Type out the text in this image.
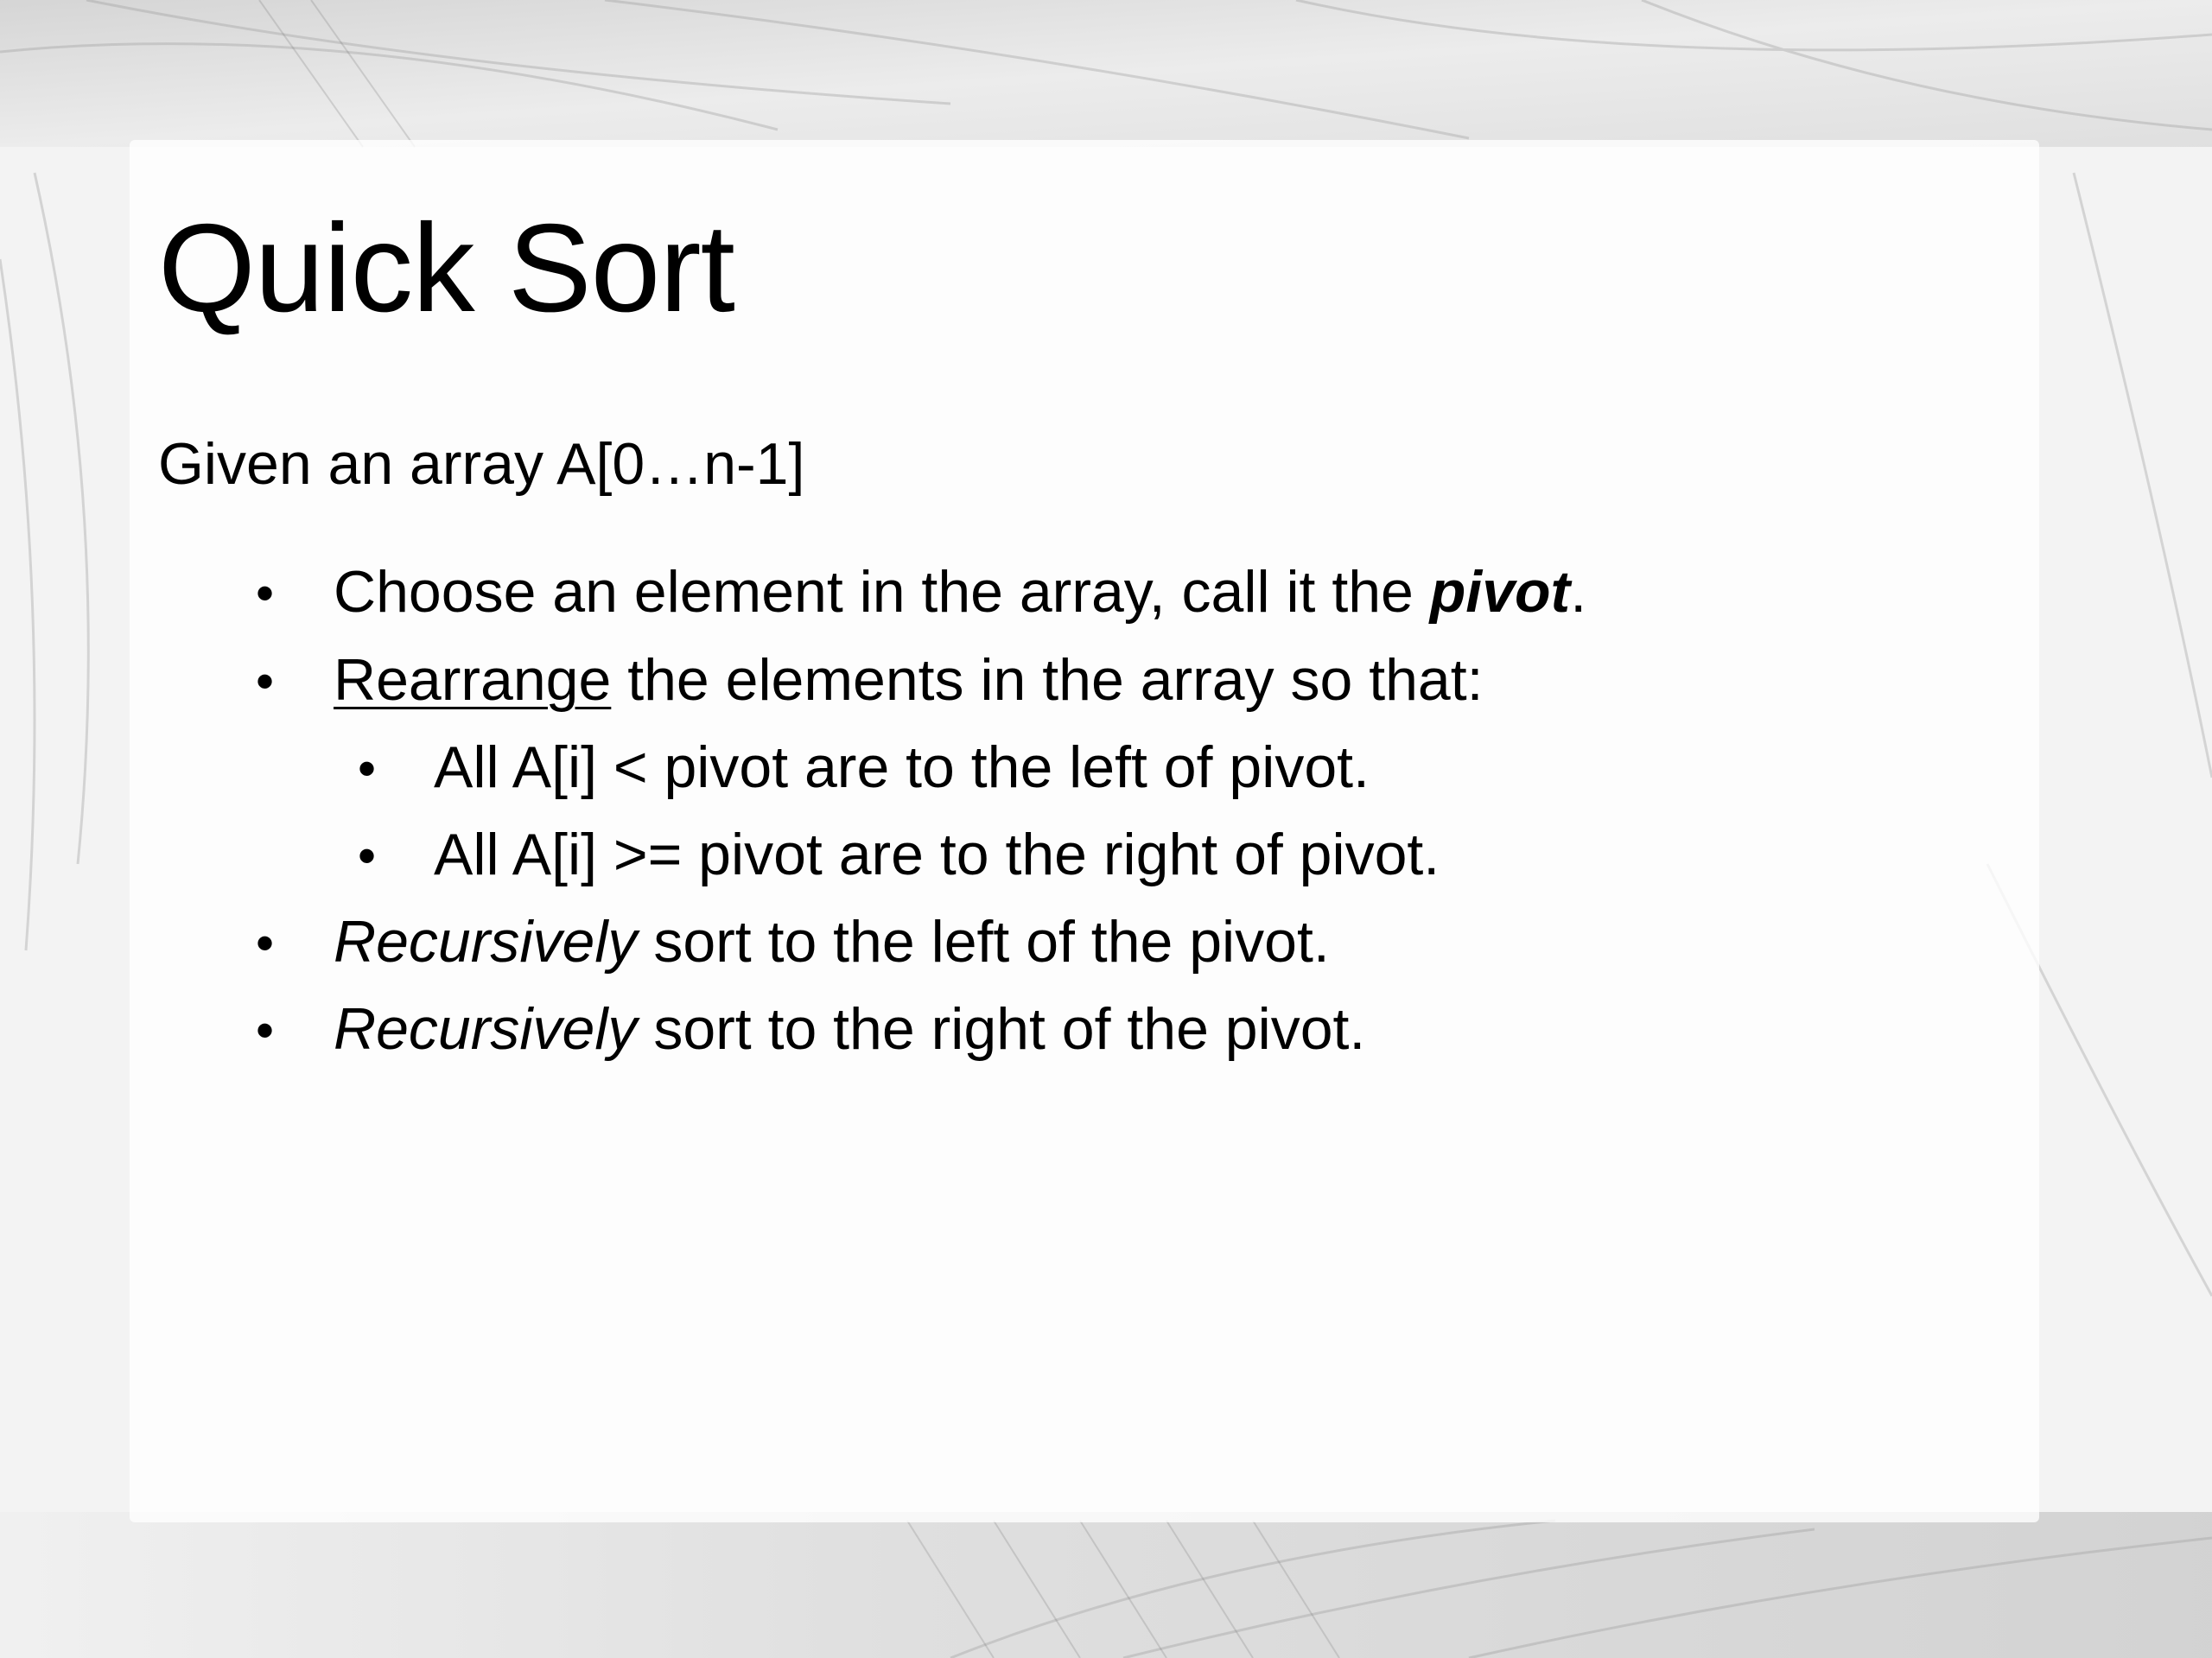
Quick Sort

Given an array A[0…n-1]

• Choose an element in the array, call it the pivot.

• Rearrange the elements in the array so that:

• All A[i] < pivot are to the left of pivot.

• All A[i] >= pivot are to the right of pivot.

• Recursively sort to the left of the pivot.

• Recursively sort to the right of the pivot.
